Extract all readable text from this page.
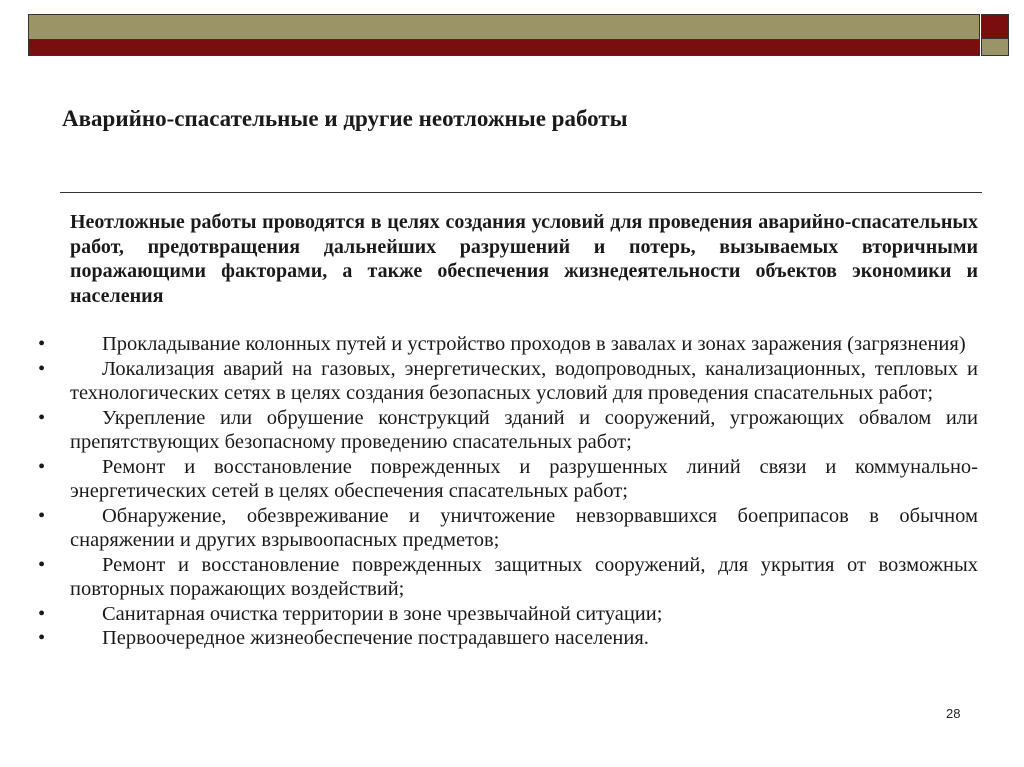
Аварийно-спасательные и другие неотложные работы

Неотложные работы проводятся в целях создания условий для проведения аварийно-спасательных работ, предотвращения дальнейших разрушений и потерь, вызываемых вторичными поражающими факторами, а также обеспечения жизнедеятельности объектов экономики и населения

•	Прокладывание колонных путей и устройство проходов в завалах и зонах заражения (загрязнения)
•	Локализация аварий на газовых, энергетических, водопроводных, канализационных, тепловых и технологических сетях в целях создания безопасных условий для проведения спасательных работ;
•	Укрепление или обрушение конструкций зданий и сооружений, угрожающих обвалом или препятствующих безопасному проведению спасательных работ;
•	Ремонт и восстановление поврежденных и разрушенных линий связи и коммунально-энергетических сетей в целях обеспечения спасательных работ;
•	Обнаружение, обезвреживание и уничтожение невзорвавшихся боеприпасов в обычном снаряжении и других взрывоопасных предметов;
•	Ремонт и восстановление поврежденных защитных сооружений, для укрытия от возможных повторных поражающих воздействий;
•	Санитарная очистка территории в зоне чрезвычайной ситуации;
•	Первоочередное жизнеобеспечение пострадавшего населения.
28
